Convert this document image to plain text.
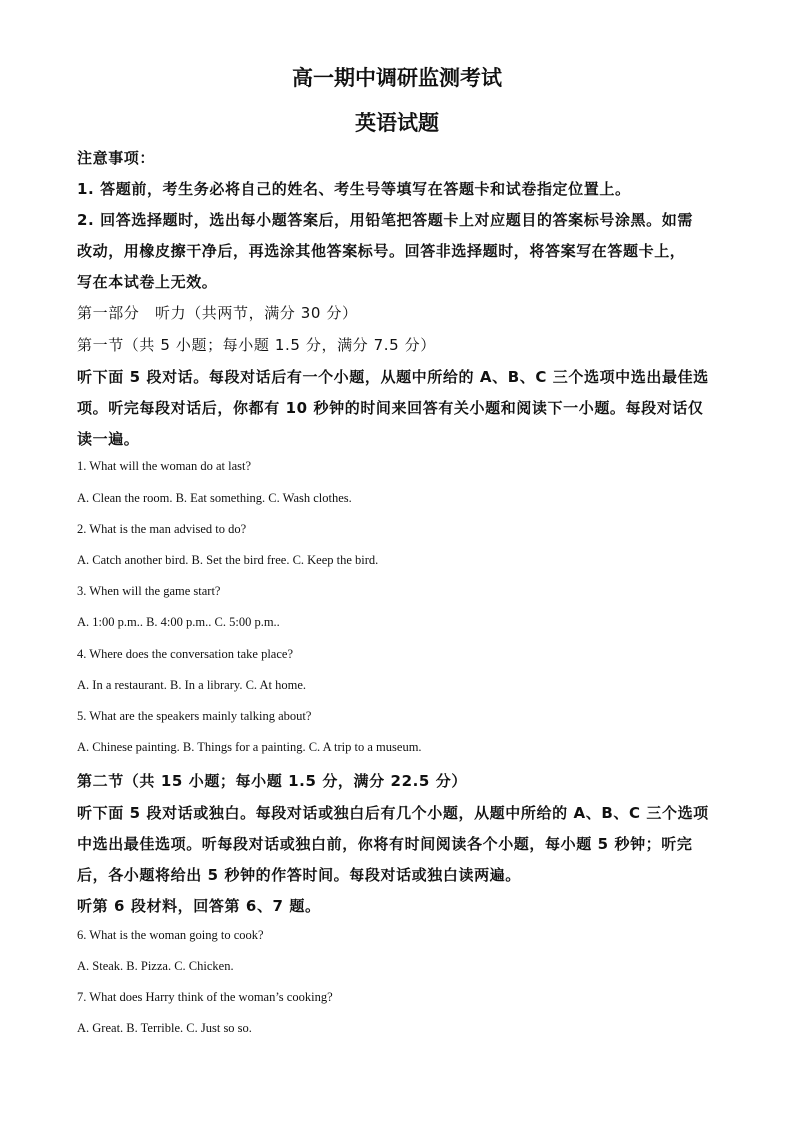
高一期中调研监测考试
英语试题
注意事项：
1. 答题前，考生务必将自己的姓名、考生号等填写在答题卡和试卷指定位置上。
2. 回答选择题时，选出每小题答案后，用铅笔把答题卡上对应题目的答案标号涂黑。如需
改动，用橡皮擦干净后，再选涂其他答案标号。回答非选择题时，将答案写在答题卡上，
写在本试卷上无效。
第一部分　听力（共两节，满分 30 分）
第一节（共 5 小题；每小题 1.5 分，满分 7.5 分）
听下面 5 段对话。每段对话后有一个小题，从题中所给的 A、B、C 三个选项中选出最佳选
项。听完每段对话后，你都有 10 秒钟的时间来回答有关小题和阅读下一小题。每段对话仅
读一遍。
1. What will the woman do at last?
A. Clean the room. B. Eat something. C. Wash clothes.
2. What is the man advised to do?
A. Catch another bird. B. Set the bird free. C. Keep the bird.
3. When will the game start?
A. 1:00 p.m.. B. 4:00 p.m.. C. 5:00 p.m..
4. Where does the conversation take place?
A. In a restaurant. B. In a library. C. At home.
5. What are the speakers mainly talking about?
A. Chinese painting. B. Things for a painting. C. A trip to a museum.
第二节（共 15 小题；每小题 1.5 分，满分 22.5 分）
听下面 5 段对话或独白。每段对话或独白后有几个小题，从题中所给的 A、B、C 三个选项
中选出最佳选项。听每段对话或独白前，你将有时间阅读各个小题，每小题 5 秒钟；听完
后，各小题将给出 5 秒钟的作答时间。每段对话或独白读两遍。
听第 6 段材料，回答第 6、7 题。
6. What is the woman going to cook?
A. Steak. B. Pizza. C. Chicken.
7. What does Harry think of the woman’s cooking?
A. Great. B. Terrible. C. Just so so.
